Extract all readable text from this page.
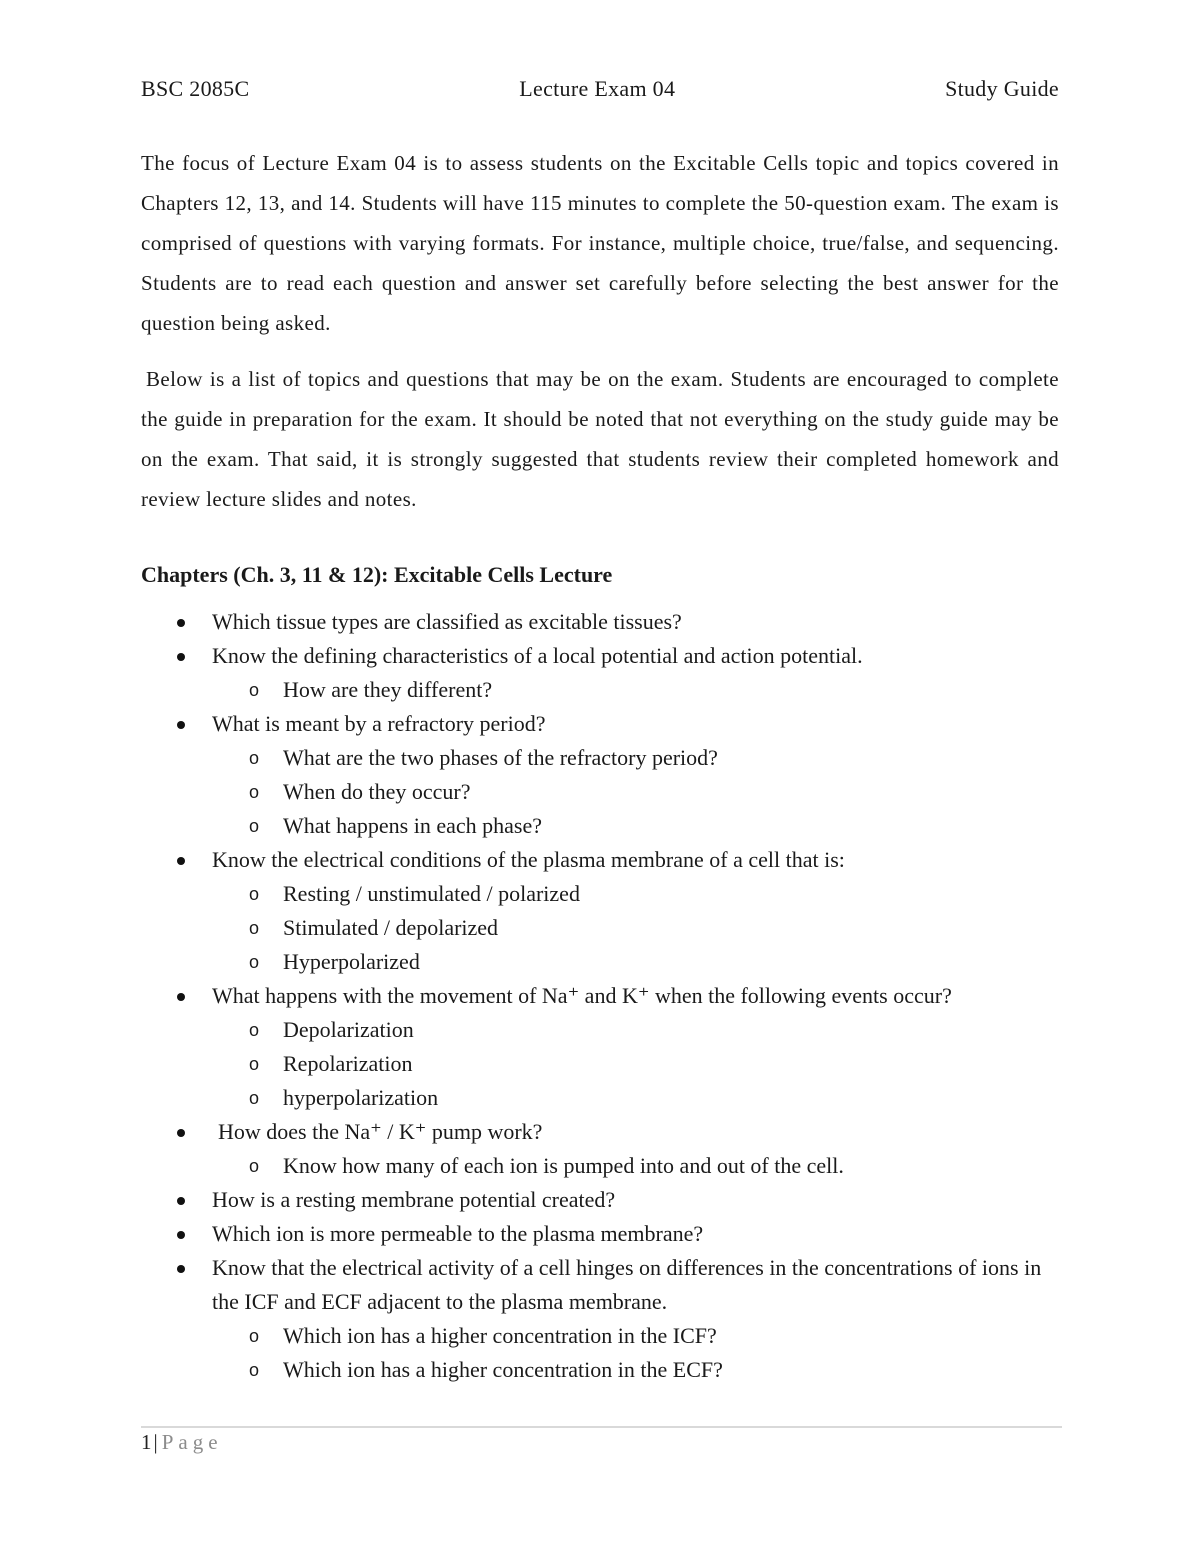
BSC 2085C	Lecture Exam 04	Study Guide

The focus of Lecture Exam 04 is to assess students on the Excitable Cells topic and topics covered in Chapters 12, 13, and 14. Students will have 115 minutes to complete the 50-question exam. The exam is comprised of questions with varying formats. For instance, multiple choice, true/false, and sequencing. Students are to read each question and answer set carefully before selecting the best answer for the question being asked.

Below is a list of topics and questions that may be on the exam. Students are encouraged to complete the guide in preparation for the exam. It should be noted that not everything on the study guide may be on the exam. That said, it is strongly suggested that students review their completed homework and review lecture slides and notes.

Chapters (Ch. 3, 11 & 12): Excitable Cells Lecture
Which tissue types are classified as excitable tissues?
Know the defining characteristics of a local potential and action potential.
o How are they different?
What is meant by a refractory period?
o What are the two phases of the refractory period?
o When do they occur?
o What happens in each phase?
Know the electrical conditions of the plasma membrane of a cell that is:
o Resting / unstimulated / polarized
o Stimulated / depolarized
o Hyperpolarized
What happens with the movement of Na⁺ and K⁺ when the following events occur?
o Depolarization
o Repolarization
o hyperpolarization
How does the Na⁺ / K⁺ pump work?
o Know how many of each ion is pumped into and out of the cell.
How is a resting membrane potential created?
Which ion is more permeable to the plasma membrane?
Know that the electrical activity of a cell hinges on differences in the concentrations of ions in the ICF and ECF adjacent to the plasma membrane.
o Which ion has a higher concentration in the ICF?
o Which ion has a higher concentration in the ECF?
1| Page
